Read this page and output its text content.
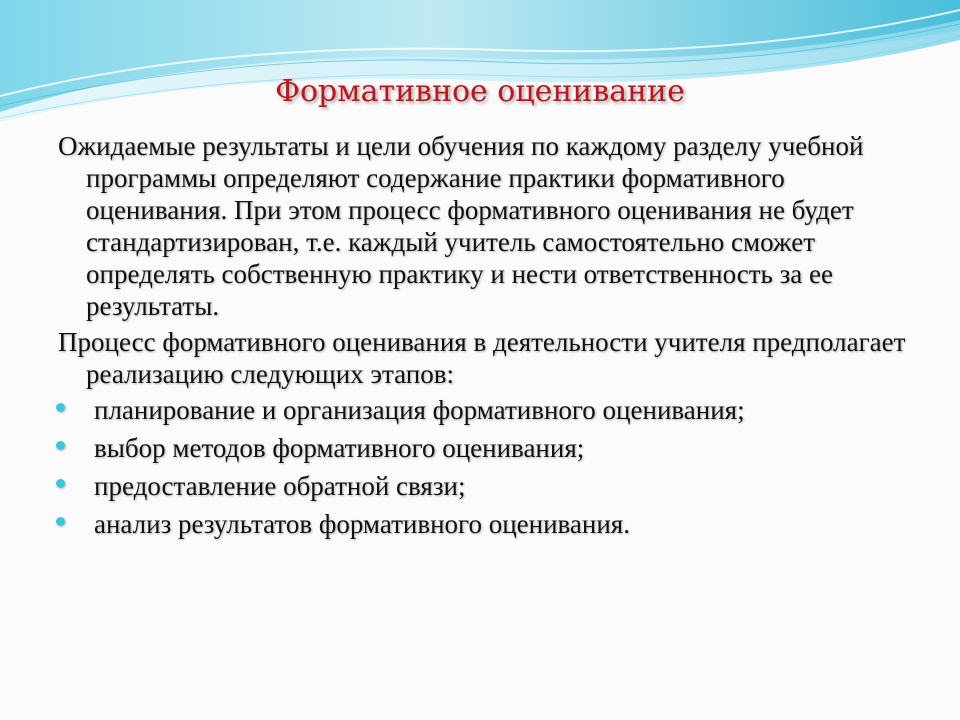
Формативное оценивание

Ожидаемые результаты и цели обучения по каждому разделу учебной программы определяют содержание практики формативного оценивания. При этом процесс формативного оценивания не будет стандартизирован, т.е. каждый учитель самостоятельно сможет определять собственную практику и нести ответственность за ее результаты.

Процесс формативного оценивания в деятельности учителя предполагает реализацию следующих этапов:

планирование и организация формативного оценивания;
выбор методов формативного оценивания;
предоставление обратной связи;
анализ результатов формативного оценивания.
